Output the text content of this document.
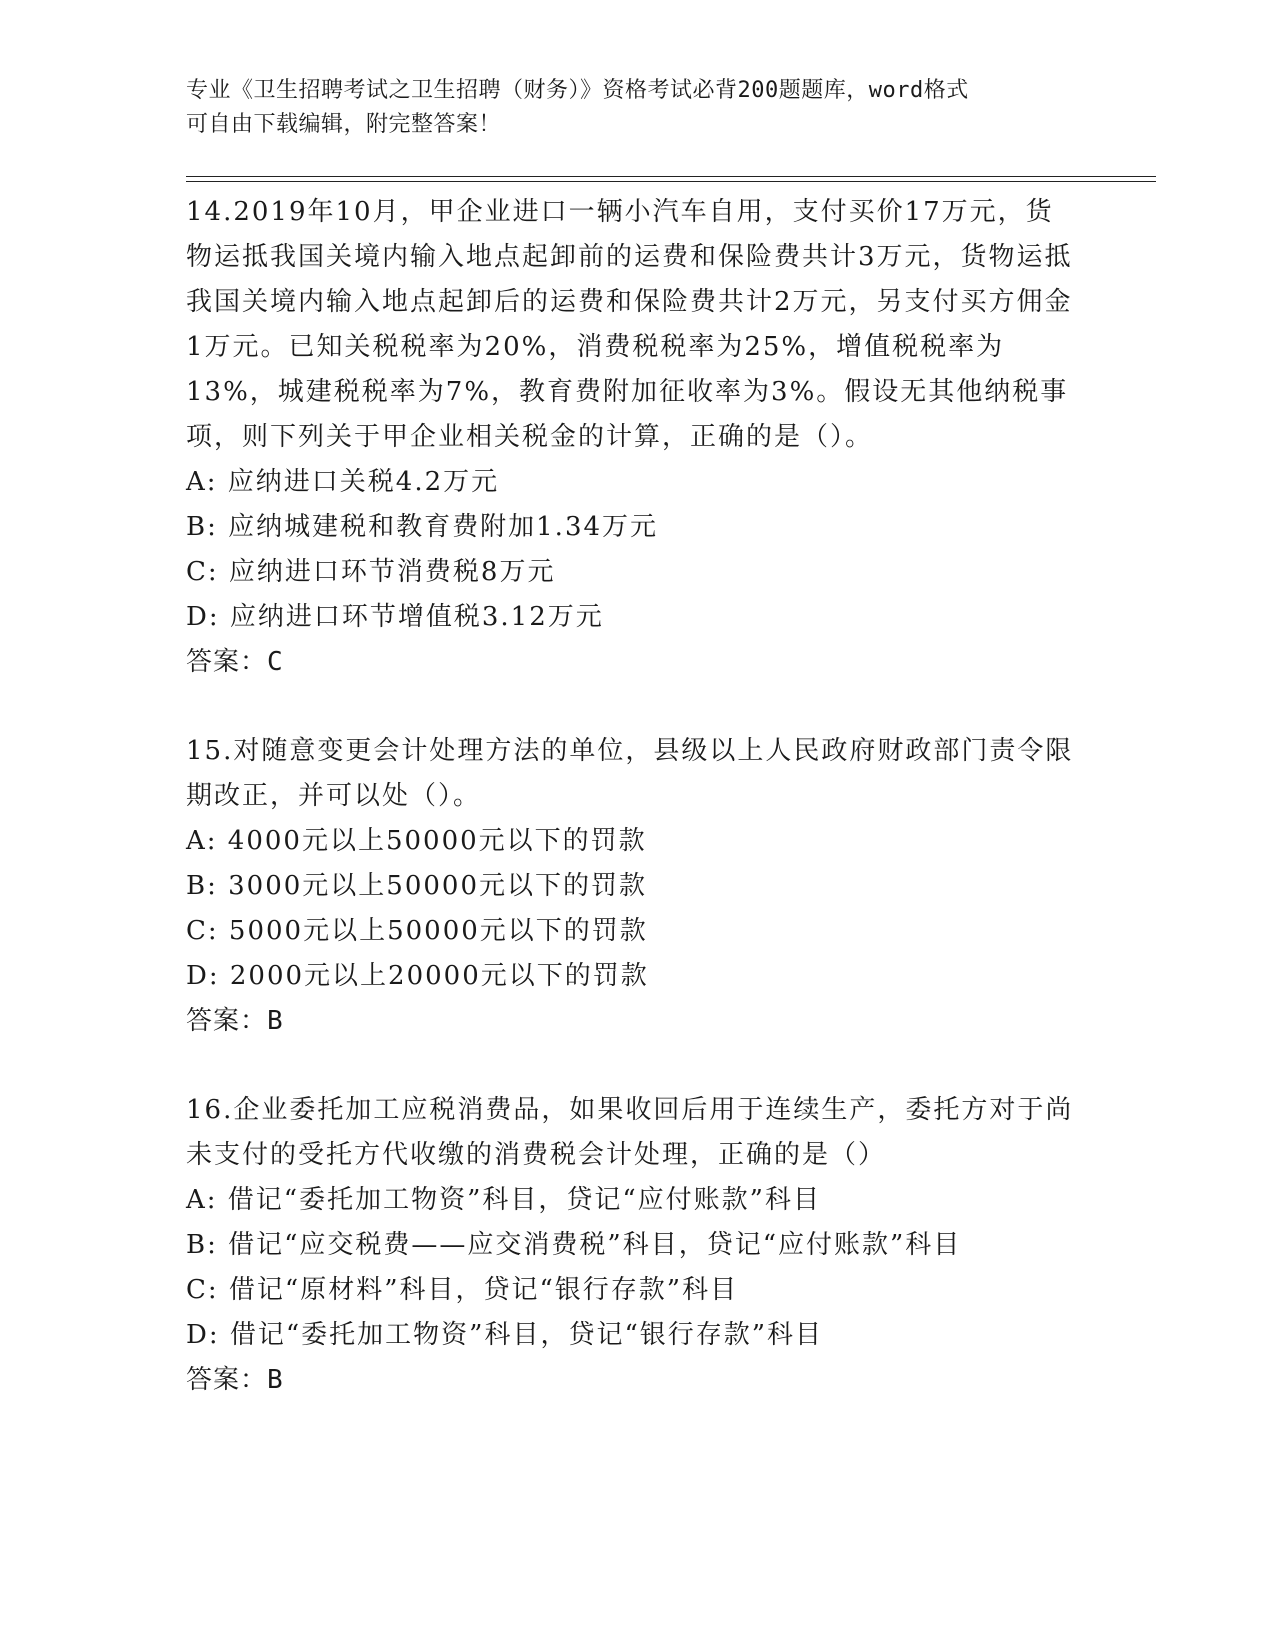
专业《卫生招聘考试之卫生招聘（财务）》资格考试必背200题题库，word格式
可自由下载编辑，附完整答案！
14.2019年10月，甲企业进口一辆小汽车自用，支付买价17万元，货物运抵我国关境内输入地点起卸前的运费和保险费共计3万元，货物运抵我国关境内输入地点起卸后的运费和保险费共计2万元，另支付买方佣金1万元。已知关税税率为20%，消费税税率为25%，增值税税率为13%，城建税税率为7%，教育费附加征收率为3%。假设无其他纳税事项，则下列关于甲企业相关税金的计算，正确的是（）。
A: 应纳进口关税4.2万元
B: 应纳城建税和教育费附加1.34万元
C: 应纳进口环节消费税8万元
D: 应纳进口环节增值税3.12万元
答案：C
15.对随意变更会计处理方法的单位，县级以上人民政府财政部门责令限期改正，并可以处（）。
A: 4000元以上50000元以下的罚款
B: 3000元以上50000元以下的罚款
C: 5000元以上50000元以下的罚款
D: 2000元以上20000元以下的罚款
答案：B
16.企业委托加工应税消费品，如果收回后用于连续生产，委托方对于尚未支付的受托方代收缴的消费税会计处理，正确的是（）
A: 借记“委托加工物资”科目，贷记“应付账款”科目
B: 借记“应交税费——应交消费税”科目，贷记“应付账款”科目
C: 借记“原材料”科目，贷记“银行存款”科目
D: 借记“委托加工物资”科目，贷记“银行存款”科目
答案：B
